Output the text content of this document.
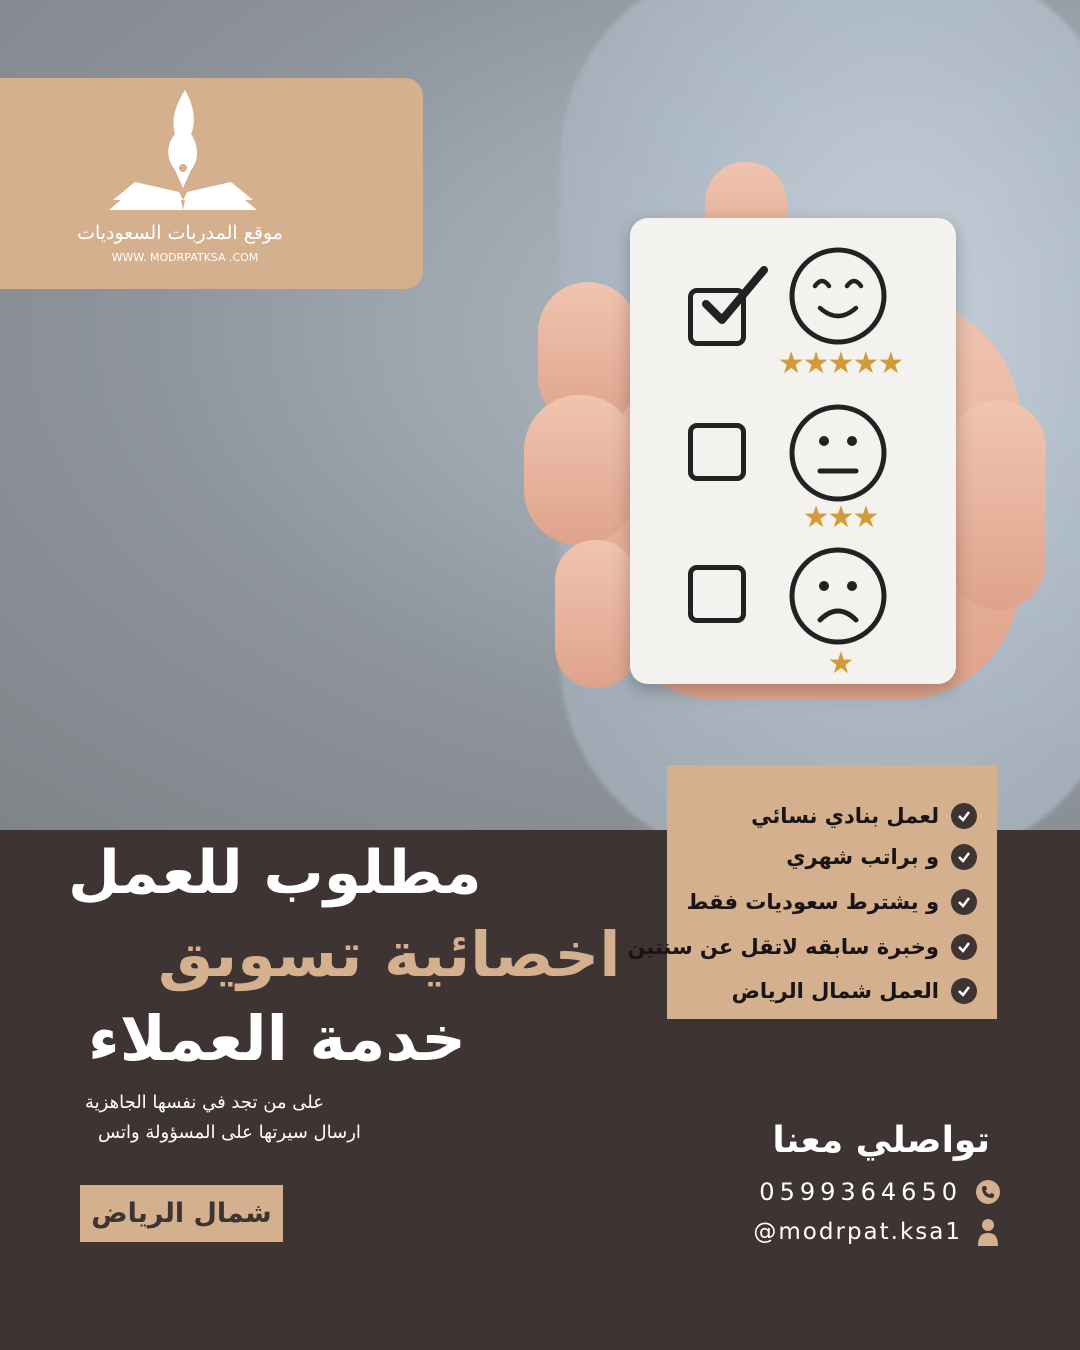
★★★★★
★★★
★
موقع المدربات السعوديات
WWW. MODRPATKSA .COM
لعمل بنادي نسائي
و براتب شهري
و يشترط سعوديات فقط
وخبرة سابقه لاتقل عن سنتين
العمل شمال الرياض
مطلوب للعمل
اخصائية تسويق
خدمة العملاء
على من تجد في نفسها الجاهزية
ارسال سيرتها على المسؤولة واتس
شمال الرياض
تواصلي معنا
0599364650
@modrpat.ksa1
